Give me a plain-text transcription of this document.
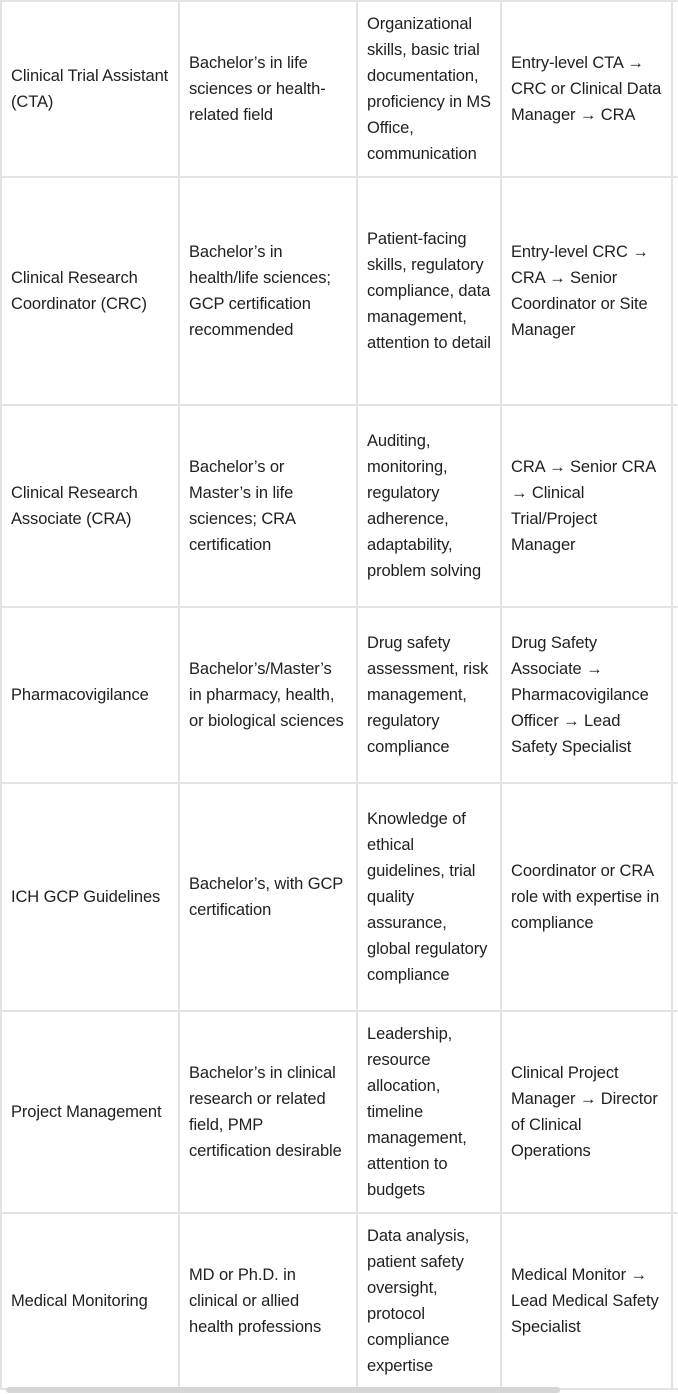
Clinical Trial Assistant (CTA)	Bachelor’s in life sciences or health-related field	Organizational skills, basic trial documentation, proficiency in MS Office, communication	Entry-level CTA → CRC or Clinical Data Manager → CRA	
Clinical Research Coordinator (CRC)	Bachelor’s in health/life sciences; GCP certification recommended	Patient-facing skills, regulatory compliance, data management, attention to detail	Entry-level CRC → CRA → Senior Coordinator or Site Manager	
Clinical Research Associate (CRA)	Bachelor’s or Master’s in life sciences; CRA certification	Auditing, monitoring, regulatory adherence, adaptability, problem solving	CRA → Senior CRA → Clinical Trial/Project Manager	
Pharmacovigilance	Bachelor’s/Master’s in pharmacy, health, or biological sciences	Drug safety assessment, risk management, regulatory compliance	Drug Safety Associate → Pharmacovigilance Officer → Lead Safety Specialist	
ICH GCP Guidelines	Bachelor’s, with GCP certification	Knowledge of ethical guidelines, trial quality assurance, global regulatory compliance	Coordinator or CRA role with expertise in compliance	
Project Management	Bachelor’s in clinical research or related field, PMP certification desirable	Leadership, resource allocation, timeline management, attention to budgets	Clinical Project Manager → Director of Clinical Operations	
Medical Monitoring	MD or Ph.D. in clinical or allied health professions	Data analysis, patient safety oversight, protocol compliance expertise	Medical Monitor → Lead Medical Safety Specialist	
